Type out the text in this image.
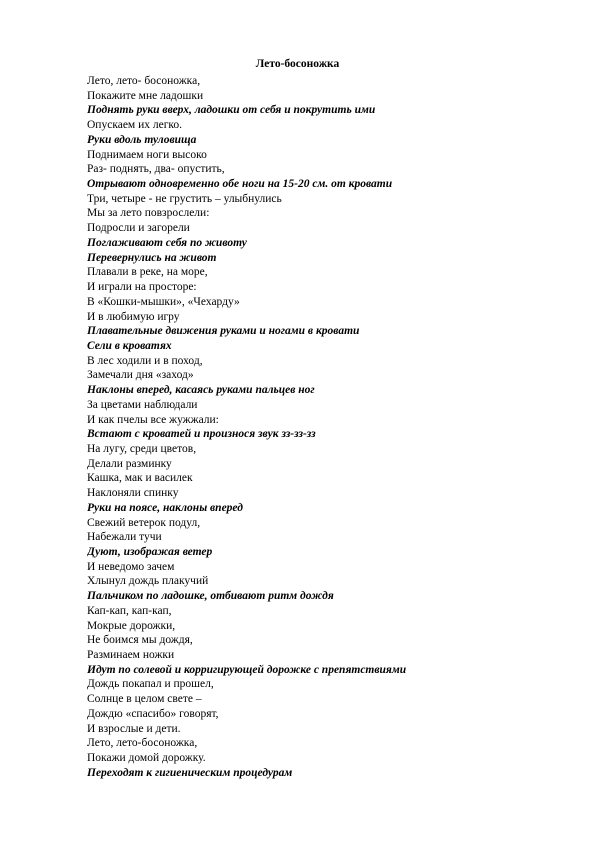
Лето-босоножка
Лето, лето- босоножка,
Покажите мне ладошки
Поднять руки вверх, ладошки от себя и покрутить ими
Опускаем их легко.
Руки вдоль туловища
Поднимаем ноги высоко
Раз- поднять, два- опустить,
Отрывают одновременно обе ноги на 15-20 см. от кровати
Три, четыре - не грустить – улыбнулись
Мы за лето повзрослели:
Подросли и загорели
Поглаживают себя по животу
Перевернулись на живот
Плавали в реке, на море,
И играли на просторе:
В «Кошки-мышки», «Чехарду»
И в любимую игру
Плавательные движения руками и ногами в кровати
Сели в кроватях
В лес ходили и в поход,
Замечали дня «заход»
Наклоны вперед, касаясь руками пальцев ног
За цветами наблюдали
И как пчелы все жужжали:
Встают с кроватей и произнося звук зз-зз-зз
На лугу, среди цветов,
Делали разминку
Кашка, мак и василек
Наклоняли спинку
Руки на поясе, наклоны вперед
Свежий ветерок подул,
Набежали тучи
Дуют, изображая ветер
И неведомо зачем
Хлынул дождь плакучий
Пальчиком по ладошке, отбивают ритм дождя
Кап-кап, кап-кап,
Мокрые дорожки,
Не боимся мы дождя,
Разминаем ножки
Идут по солевой и корригирующей дорожке с препятствиями
Дождь покапал и прошел,
Солнце в целом свете –
Дождю «спасибо» говорят,
И взрослые и дети.
Лето, лето-босоножка,
Покажи домой дорожку.
Переходят к гигиеническим процедурам
